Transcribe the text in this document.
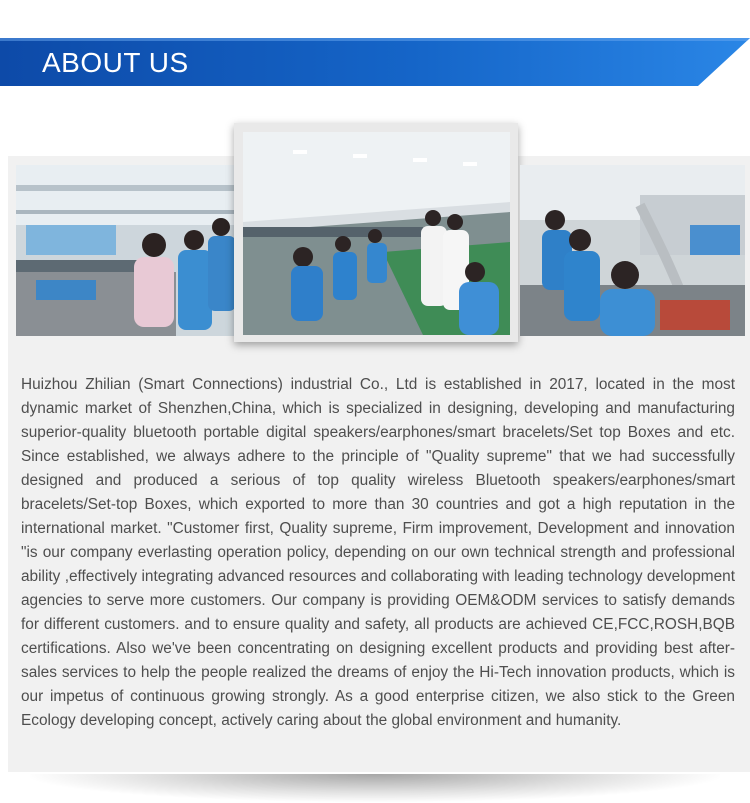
ABOUT US

Huizhou Zhilian (Smart Connections) industrial Co., Ltd is established in 2017, located in the most dynamic market of Shenzhen,China, which is specialized in designing, developing and manufacturing superior-quality bluetooth portable digital speakers/earphones/smart bracelets/Set top Boxes and etc. Since established, we always adhere to the principle of "Quality supreme" that we had successfully designed and produced a serious of top quality wireless Bluetooth speakers/earphones/smart bracelets/Set-top Boxes, which exported to more than 30 countries and got a high reputation in the international market. "Customer first, Quality supreme, Firm improvement, Development and innovation "is our company everlasting operation policy, depending on our own technical strength and professional ability ,effectively integrating advanced resources and collaborating with leading technology development agencies to serve more customers. Our company is providing OEM&ODM services to satisfy demands for different customers. and to ensure quality and safety, all products are achieved CE,FCC,ROSH,BQB certifications. Also we've been concentrating on designing excellent products and providing best after-sales services to help the people realized the dreams of enjoy the Hi-Tech innovation products, which is our impetus of continuous growing strongly. As a good enterprise citizen, we also stick to the Green Ecology developing concept, actively caring about the global environment and humanity.
